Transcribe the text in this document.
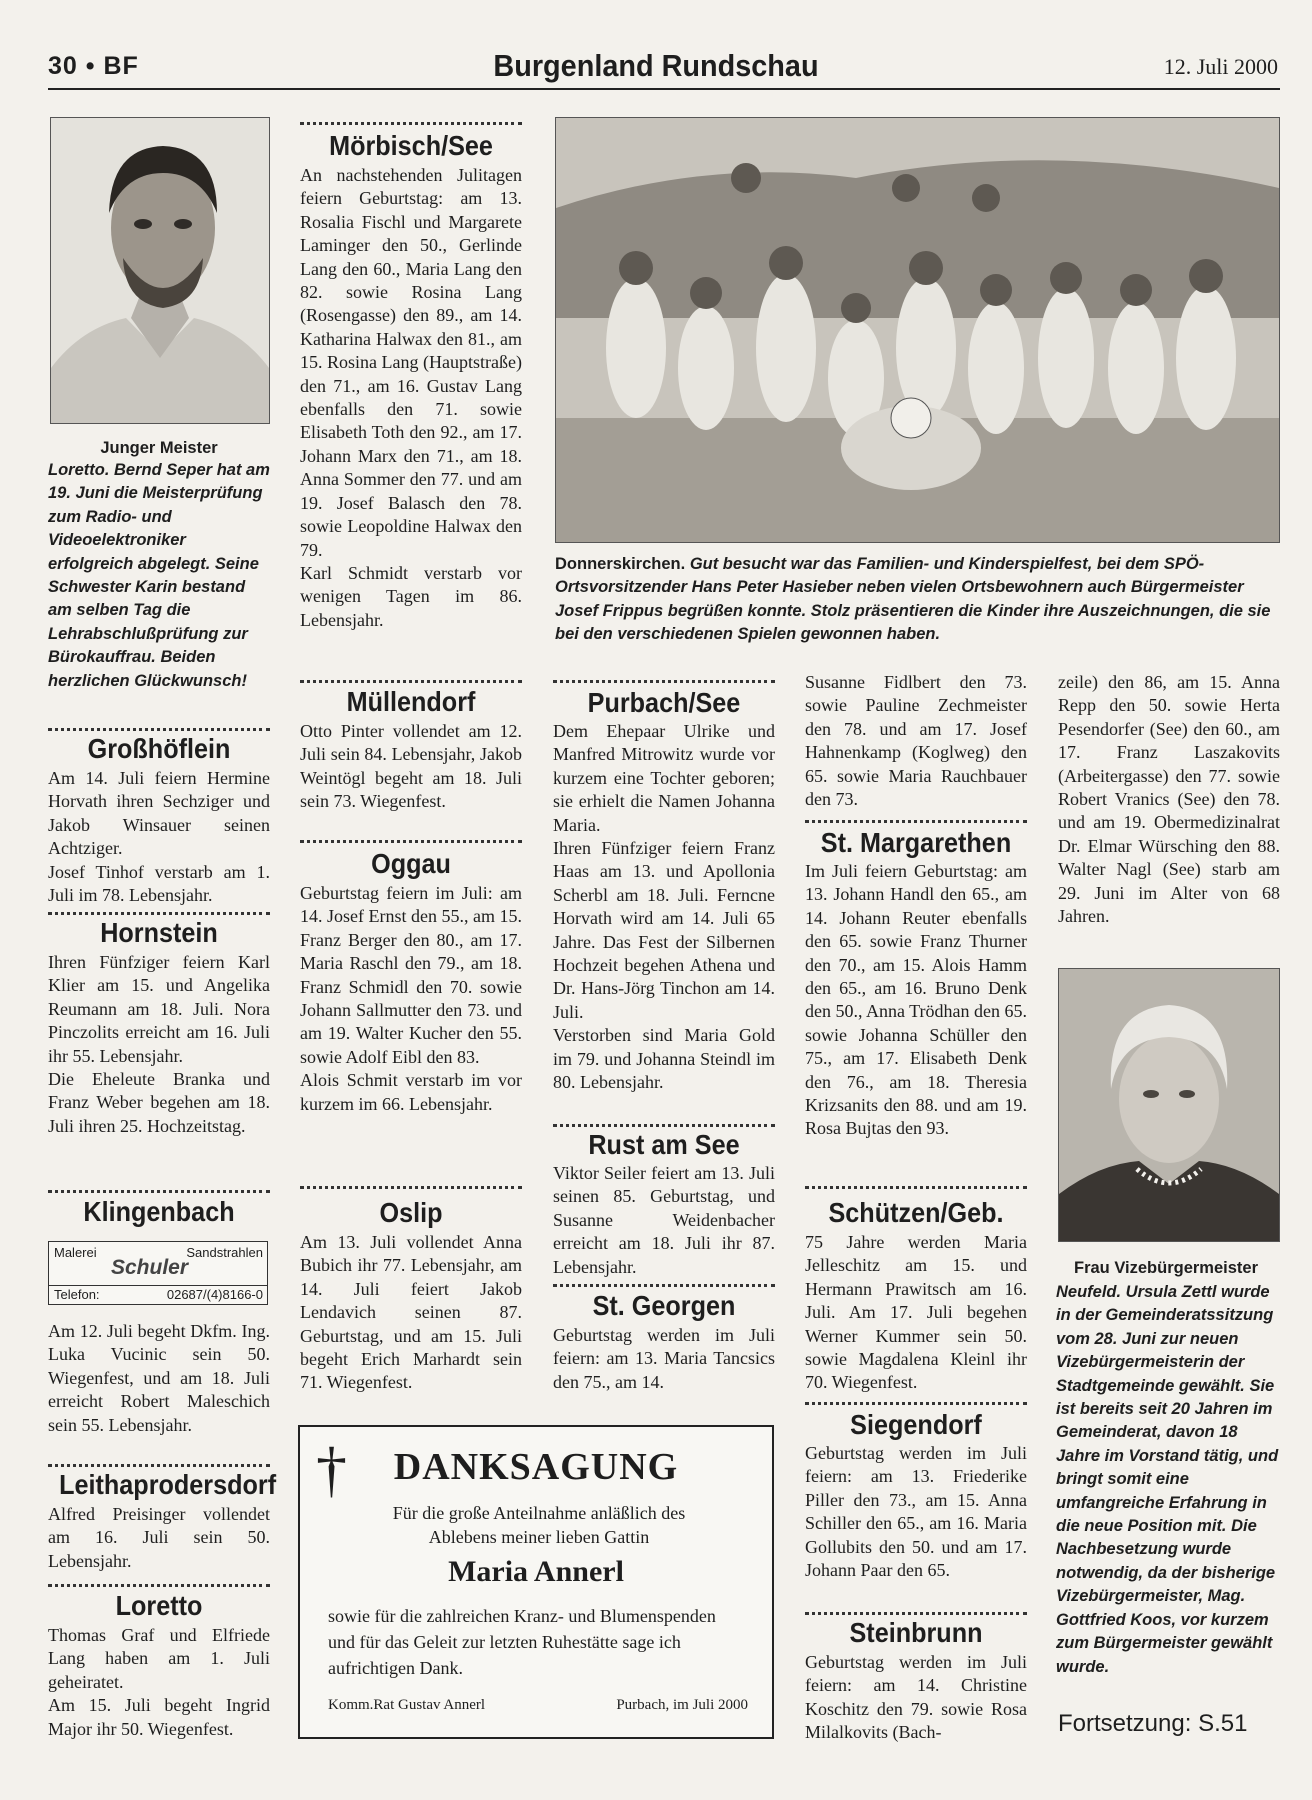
30 • BF	Burgenland Rundschau	12. Juli 2000
Junger Meister
Loretto. Bernd Seper hat am 19. Juni die Meisterprüfung zum Radio- und Videoelektroniker erfolgreich abgelegt. Seine Schwester Karin bestand am selben Tag die Lehrabschlußprüfung zur Bürokauffrau. Beiden herzlichen Glückwunsch!
Großhöflein

Am 14. Juli feiern Hermine Horvath ihren Sechziger und Jakob Winsauer seinen Achtziger.

Josef Tinhof verstarb am 1. Juli im 78. Lebensjahr.

Hornstein

Ihren Fünfziger feiern Karl Klier am 15. und Angelika Reumann am 18. Juli. Nora Pinczolits erreicht am 16. Juli ihr 55. Lebensjahr.

Die Eheleute Branka und Franz Weber begehen am 18. Juli ihren 25. Hochzeitstag.

Klingenbach
Malerei	Sandstrahlen
Schuler
Telefon:	02687/(4)8166-0

Am 12. Juli begeht Dkfm. Ing. Luka Vucinic sein 50. Wiegenfest, und am 18. Juli erreicht Robert Maleschich sein 55. Lebensjahr.

Leithaprodersdorf

Alfred Preisinger vollendet am 16. Juli sein 50. Lebensjahr.

Loretto

Thomas Graf und Elfriede Lang haben am 1. Juli geheiratet.

Am 15. Juli begeht Ingrid Major ihr 50. Wiegenfest.

Mörbisch/See

An nachstehenden Julitagen feiern Geburtstag: am 13. Rosalia Fischl und Margarete Laminger den 50., Gerlinde Lang den 60., Maria Lang den 82. sowie Rosina Lang (Rosengasse) den 89., am 14. Katharina Halwax den 81., am 15. Rosina Lang (Hauptstraße) den 71., am 16. Gustav Lang ebenfalls den 71. sowie Elisabeth Toth den 92., am 17. Johann Marx den 71., am 18. Anna Sommer den 77. und am 19. Josef Balasch den 78. sowie Leopoldine Halwax den 79.

Karl Schmidt verstarb vor wenigen Tagen im 86. Lebensjahr.

Müllendorf

Otto Pinter vollendet am 12. Juli sein 84. Lebensjahr, Jakob Weintögl begeht am 18. Juli sein 73. Wiegenfest.

Oggau

Geburtstag feiern im Juli: am 14. Josef Ernst den 55., am 15. Franz Berger den 80., am 17. Maria Raschl den 79., am 18. Franz Schmidl den 70. sowie Johann Sallmutter den 73. und am 19. Walter Kucher den 55. sowie Adolf Eibl den 83.

Alois Schmit verstarb im vor kurzem im 66. Lebensjahr.

Oslip

Am 13. Juli vollendet Anna Bubich ihr 77. Lebensjahr, am 14. Juli feiert Jakob Lendavich seinen 87. Geburtstag, und am 15. Juli begeht Erich Marhardt sein 71. Wiegenfest.

Donnerskirchen. Gut besucht war das Familien- und Kinderspielfest, bei dem SPÖ-Ortsvorsitzender Hans Peter Hasieber neben vielen Ortsbewohnern auch Bürgermeister Josef Frippus begrüßen konnte. Stolz präsentieren die Kinder ihre Auszeichnungen, die sie bei den verschiedenen Spielen gewonnen haben.
Purbach/See

Dem Ehepaar Ulrike und Manfred Mitrowitz wurde vor kurzem eine Tochter geboren; sie erhielt die Namen Johanna Maria.

Ihren Fünfziger feiern Franz Haas am 13. und Apollonia Scherbl am 18. Juli. Ferncne Horvath wird am 14. Juli 65 Jahre. Das Fest der Silbernen Hochzeit begehen Athena und Dr. Hans-Jörg Tinchon am 14. Juli.

Verstorben sind Maria Gold im 79. und Johanna Steindl im 80. Lebensjahr.

Rust am See

Viktor Seiler feiert am 13. Juli seinen 85. Geburtstag, und Susanne Weidenbacher erreicht am 18. Juli ihr 87. Lebensjahr.

St. Georgen

Geburtstag werden im Juli feiern: am 13. Maria Tancsics den 75., am 14.

†	DANKSAGUNG
Für die große Anteilnahme anläßlich des Ablebens meiner lieben Gattin
Maria Annerl
sowie für die zahlreichen Kranz- und Blumenspenden und für das Geleit zur letzten Ruhestätte sage ich aufrichtigen Dank.
Komm.Rat Gustav Annerl	Purbach, im Juli 2000

Susanne Fidlbert den 73. sowie Pauline Zechmeister den 78. und am 17. Josef Hahnenkamp (Koglweg) den 65. sowie Maria Rauchbauer den 73.

St. Margarethen

Im Juli feiern Geburtstag: am 13. Johann Handl den 65., am 14. Johann Reuter ebenfalls den 65. sowie Franz Thurner den 70., am 15. Alois Hamm den 65., am 16. Bruno Denk den 50., Anna Trödhan den 65. sowie Johanna Schüller den 75., am 17. Elisabeth Denk den 76., am 18. Theresia Krizsanits den 88. und am 19. Rosa Bujtas den 93.

Schützen/Geb.

75 Jahre werden Maria Jelleschitz am 15. und Hermann Prawitsch am 16. Juli. Am 17. Juli begehen Werner Kummer sein 50. sowie Magdalena Kleinl ihr 70. Wiegenfest.

Siegendorf

Geburtstag werden im Juli feiern: am 13. Friederike Piller den 73., am 15. Anna Schiller den 65., am 16. Maria Gollubits den 50. und am 17. Johann Paar den 65.

Steinbrunn

Geburtstag werden im Juli feiern: am 14. Christine Koschitz den 79. sowie Rosa Milalkovits (Bach-

zeile) den 86, am 15. Anna Repp den 50. sowie Herta Pesendorfer (See) den 60., am 17. Franz Laszakovits (Arbeitergasse) den 77. sowie Robert Vranics (See) den 78. und am 19. Obermedizinalrat Dr. Elmar Würsching den 88. Walter Nagl (See) starb am 29. Juni im Alter von 68 Jahren.

Frau Vizebürgermeister
Neufeld. Ursula Zettl wurde in der Gemeinderatssitzung vom 28. Juni zur neuen Vizebürgermeisterin der Stadtgemeinde gewählt. Sie ist bereits seit 20 Jahren im Gemeinderat, davon 18 Jahre im Vorstand tätig, und bringt somit eine umfangreiche Erfahrung in die neue Position mit. Die Nachbesetzung wurde notwendig, da der bisherige Vizebürgermeister, Mag. Gottfried Koos, vor kurzem zum Bürgermeister gewählt wurde.
Fortsetzung: S.51
